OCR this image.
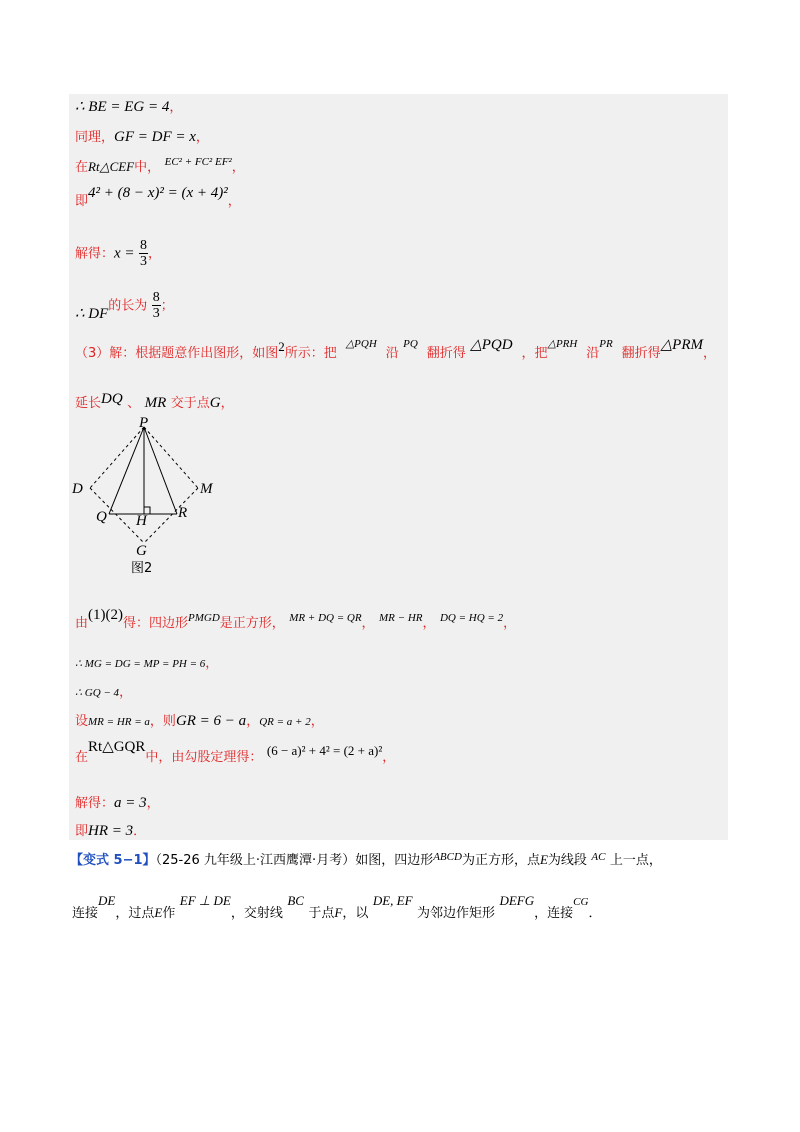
∴ BE = EG = 4，
同理，GF = DF = x，
在Rt△CEF中， $^{EC^2 + FC^2 EF^2}$，
即4² + (8 − x)² = (x + 4)²，
解得：$x = \frac{8}{3}$ ，
∴ DF的长为 $\frac{8}{3}$ ；
（3）解：根据题意作出图形，如图2所示：把  $^{\triangle PQH}$  沿 $^{PQ}$  翻折得 △PQD  ，把$^{\triangle PRH}$  沿$^{PR}$  翻折得△PRM，
延长DQ 、 MR 交于点G，
P
D	M
Q H R
G
图2
由(1)(2)得：四边形$^{PMGD}$是正方形， $^{MR + DQ = QR}$， $^{MR - HR}$， $^{DQ = HQ = 2}$，
∴ MG = DG = MP = PH = 6，
∴ GQ − 4，
设MR = HR = a，则GR = 6 − a，QR = a + 2，
在Rt△GQR中，由勾股定理得： (6 − a)² + 4² = (2 + a)²，
解得：a = 3，
即HR = 3．
【变式 5−1】（25-26 九年级上·江西鹰潭·月考）如图，四边形$^{ABCD}$为正方形，点E为线段 $^{AC}$ 上一点，
连接DE，过点E作 EF ⊥ DE，交射线 BC 于点F，以 DE, EF 为邻边作矩形 DEFG，连接$^{CG}$．
